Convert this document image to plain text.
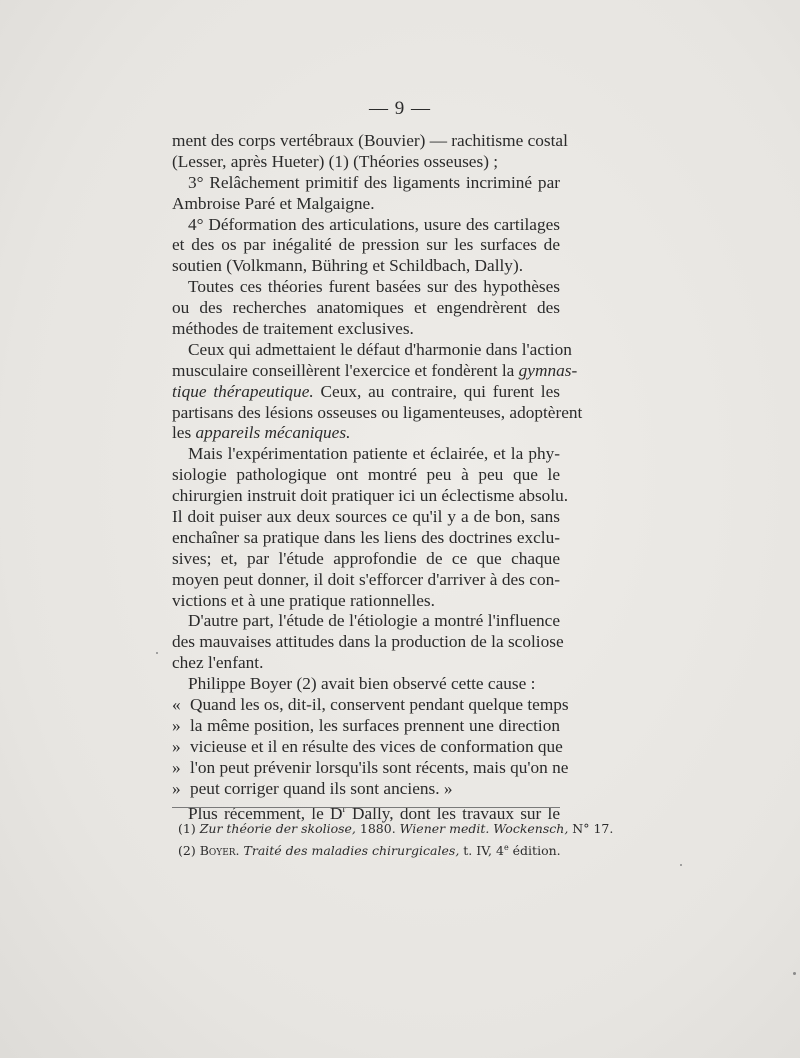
— 9 —
ment des corps vertébraux (Bouvier) — rachitisme costal
(Lesser, après Hueter) (1) (Théories osseuses) ;
3° Relâchement primitif des ligaments incriminé par
Ambroise Paré et Malgaigne.
4° Déformation des articulations, usure des cartilages
et des os par inégalité de pression sur les surfaces de
soutien (Volkmann, Bühring et Schildbach, Dally).
Toutes ces théories furent basées sur des hypothèses
ou des recherches anatomiques et engendrèrent des
méthodes de traitement exclusives.
Ceux qui admettaient le défaut d'harmonie dans l'action
musculaire conseillèrent l'exercice et fondèrent la gymnas-
tique thérapeutique. Ceux, au contraire, qui furent les
partisans des lésions osseuses ou ligamenteuses, adoptèrent
les appareils mécaniques.
Mais l'expérimentation patiente et éclairée, et la phy-
siologie pathologique ont montré peu à peu que le
chirurgien instruit doit pratiquer ici un éclectisme absolu.
Il doit puiser aux deux sources ce qu'il y a de bon, sans
enchaîner sa pratique dans les liens des doctrines exclu-
sives; et, par l'étude approfondie de ce que chaque
moyen peut donner, il doit s'efforcer d'arriver à des con-
victions et à une pratique rationnelles.
D'autre part, l'étude de l'étiologie a montré l'influence
des mauvaises attitudes dans la production de la scoliose
chez l'enfant.
Philippe Boyer (2) avait bien observé cette cause :
« Quand les os, dit-il, conservent pendant quelque temps
» la même position, les surfaces prennent une direction
» vicieuse et il en résulte des vices de conformation que
» l'on peut prévenir lorsqu'ils sont récents, mais qu'on ne
» peut corriger quand ils sont anciens. »
Plus récemment, le $D^r$ Dally, dont les travaux sur le
(1) Zur théorie der skoliose, 1880. Wiener medit. Wockensch, N° 17.
(2) Boyer. Traité des maladies chirurgicales, t. IV, 4e édition.
